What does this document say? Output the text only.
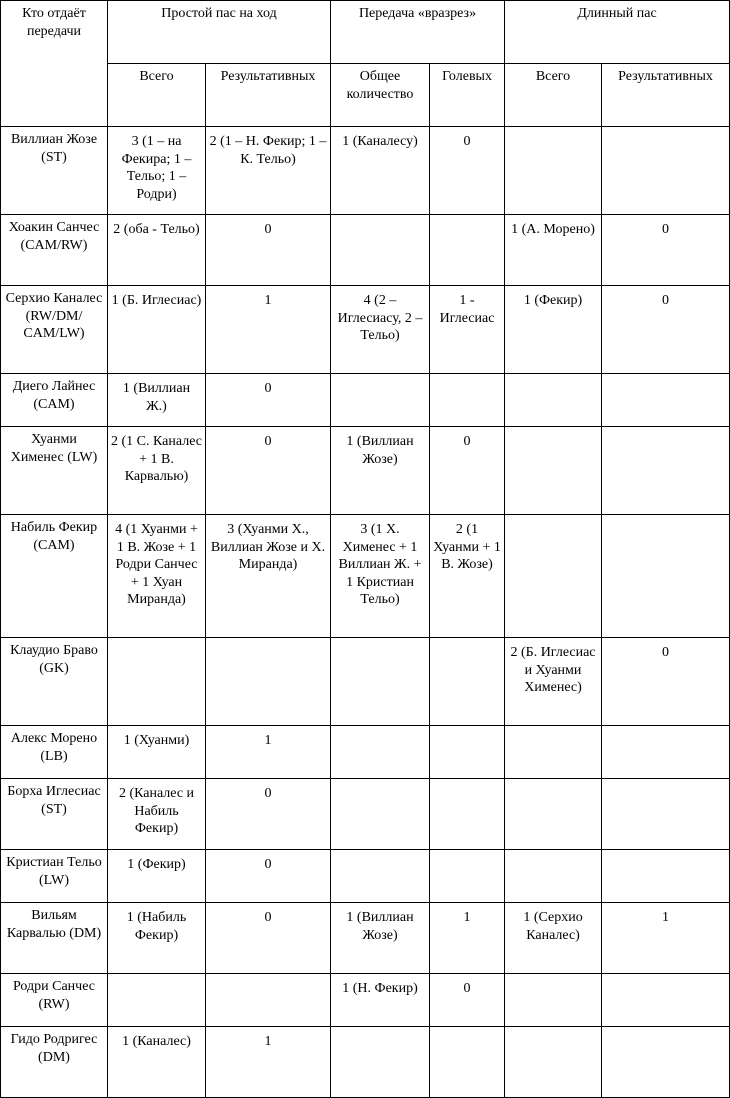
Кто отдаёт передачи	Простой пас на ход		Передача «вразрез»		Длинный пас	
	Всего	Результативных	Общее количество	Голевых	Всего	Результативных
Виллиан Жозе (ST)	3 (1 – на Фекира; 1 – Тельо; 1 – Родри)	2 (1 – Н. Фекир; 1 – К. Тельо)	1 (Каналесу)	0		
Хоакин Санчес (CAM/RW)	2 (оба - Тельо)	0			1 (А. Морено)	0
Серхио Каналес (RW/DM/ CAM/LW)	1 (Б. Иглесиас)	1	4 (2 – Иглесиасу, 2 – Тельо)	1 - Иглесиас	1 (Фекир)	0
Диего Лайнес (CAM)	1 (Виллиан Ж.)	0				
Хуанми Хименес (LW)	2 (1 С. Каналес + 1 В. Карвалью)	0	1 (Виллиан Жозе)	0		
Набиль Фекир (CAM)	4 (1 Хуанми + 1 В. Жозе + 1 Родри Санчес + 1 Хуан Миранда)	3 (Хуанми Х., Виллиан Жозе и Х. Миранда)	3 (1 Х. Хименес + 1 Виллиан Ж. + 1 Кристиан Тельо)	2 (1 Хуанми + 1 В. Жозе)		
Клаудио Браво (GK)					2 (Б. Иглесиас и Хуанми Хименес)	0
Алекс Морено (LB)	1 (Хуанми)	1				
Борха Иглесиас (ST)	2 (Каналес и Набиль Фекир)	0				
Кристиан Тельо (LW)	1 (Фекир)	0				
Вильям Карвалью (DM)	1 (Набиль Фекир)	0	1 (Виллиан Жозе)	1	1 (Серхио Каналес)	1
Родри Санчес (RW)			1 (Н. Фекир)	0		
Гидо Родригес (DM)	1 (Каналес)	1				
